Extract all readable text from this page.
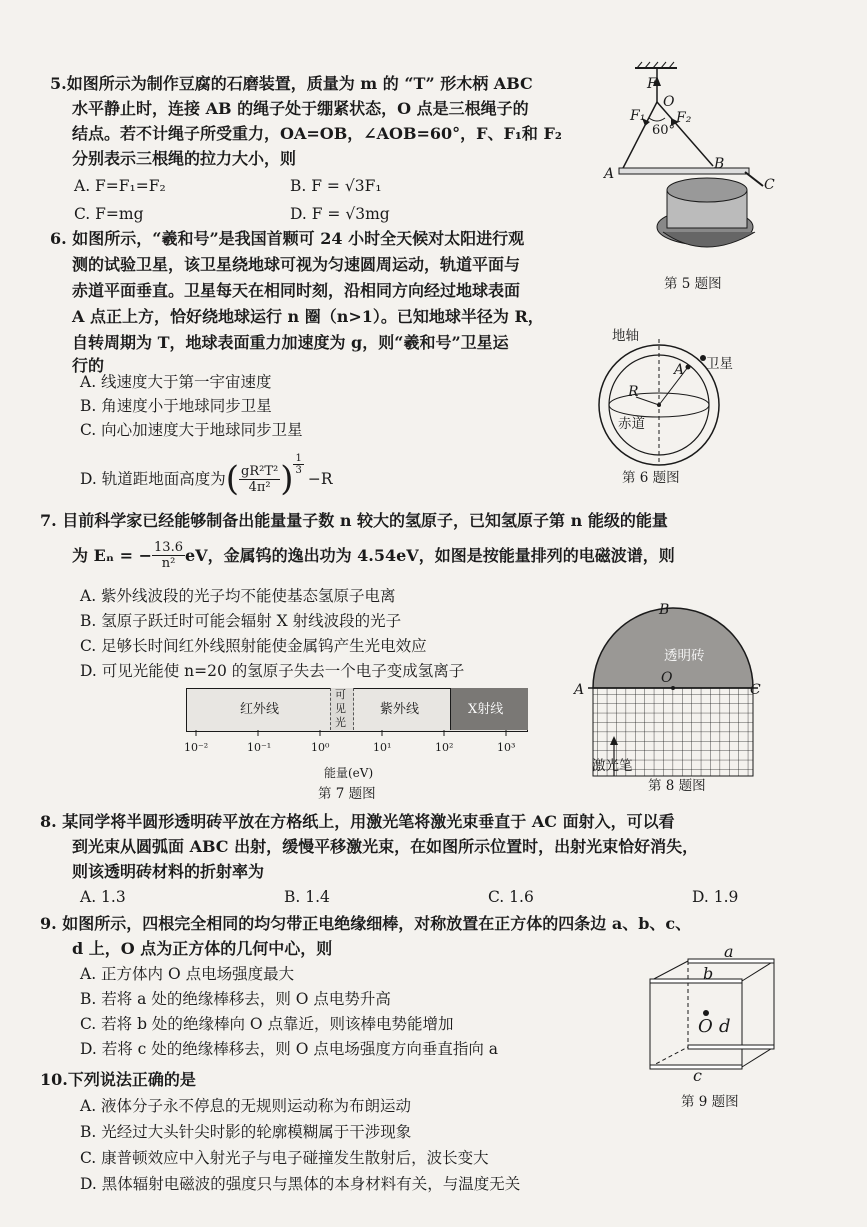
5.如图所示为制作豆腐的石磨装置，质量为 m 的 “T” 形木柄 ABC
水平静止时，连接 AB 的绳子处于绷紧状态，O 点是三根绳子的
结点。若不计绳子所受重力，OA=OB，∠AOB=60°，F、F₁和 F₂
分别表示三根绳的拉力大小，则
A. F=F₁=F₂	B. F = √3F₁
C. F=mg	D. F = √3mg
F
O
F₁ F₂
60°
A
B
C
第 5 题图
6. 如图所示，“羲和号”是我国首颗可 24 小时全天候对太阳进行观
测的试验卫星，该卫星绕地球可视为匀速圆周运动，轨道平面与
赤道平面垂直。卫星每天在相同时刻，沿相同方向经过地球表面
A 点正上方，恰好绕地球运行 n 圈（n>1）。已知地球半径为 R，
自转周期为 T，地球表面重力加速度为 g，则“羲和号”卫星运
行的
A. 线速度大于第一宇宙速度
B. 角速度小于地球同步卫星
C. 向心加速度大于地球同步卫星
D. 轨道距地面高度为 ( $\frac{\text{gR²T²}}{\text{4π²}}$ ) $\frac{1}{3}$
−R
地轴
卫星
A
R
赤道
第 6 题图
7. 目前科学家已经能够制备出能量量子数 n 较大的氢原子，已知氢原子第 n 能级的能量
为 Eₙ = − $\frac{13.6}{\text{n²}}$ eV，金属钨的逸出功为 4.54eV，如图是按能量排列的电磁波谱，则
A. 紫外线波段的光子均不能使基态氢原子电离
B. 氢原子跃迁时可能会辐射 X 射线波段的光子
C. 足够长时间红外线照射能使金属钨产生光电效应
D. 可见光能使 n=20 的氢原子失去一个电子变成氢离子
红外线
可
见
光
紫外线	X射线
10⁻²	10⁻¹	10⁰	10¹	10²	10³
能量(eV)
第 7 题图
B
透明砖
A
O
C
激光笔
第 8 题图
8. 某同学将半圆形透明砖平放在方格纸上，用激光笔将激光束垂直于 AC 面射入，可以看
到光束从圆弧面 ABC 出射，缓慢平移激光束，在如图所示位置时，出射光束恰好消失，
则该透明砖材料的折射率为
A. 1.3	B. 1.4	C. 1.6	D. 1.9
9. 如图所示，四根完全相同的均匀带正电绝缘细棒，对称放置在正方体的四条边 a、b、c、
d 上，O 点为正方体的几何中心，则
A. 正方体内 O 点电场强度最大
B. 若将 a 处的绝缘棒移去，则 O 点电势升高
C. 若将 b 处的绝缘棒向 O 点靠近，则该棒电势能增加
D. 若将 c 处的绝缘棒移去，则 O 点电场强度方向垂直指向 a
a
b
O d
c
第 9 题图
10.下列说法正确的是
A. 液体分子永不停息的无规则运动称为布朗运动
B. 光经过大头针尖时影的轮廓模糊属于干涉现象
C. 康普顿效应中入射光子与电子碰撞发生散射后，波长变大
D. 黑体辐射电磁波的强度只与黑体的本身材料有关，与温度无关
